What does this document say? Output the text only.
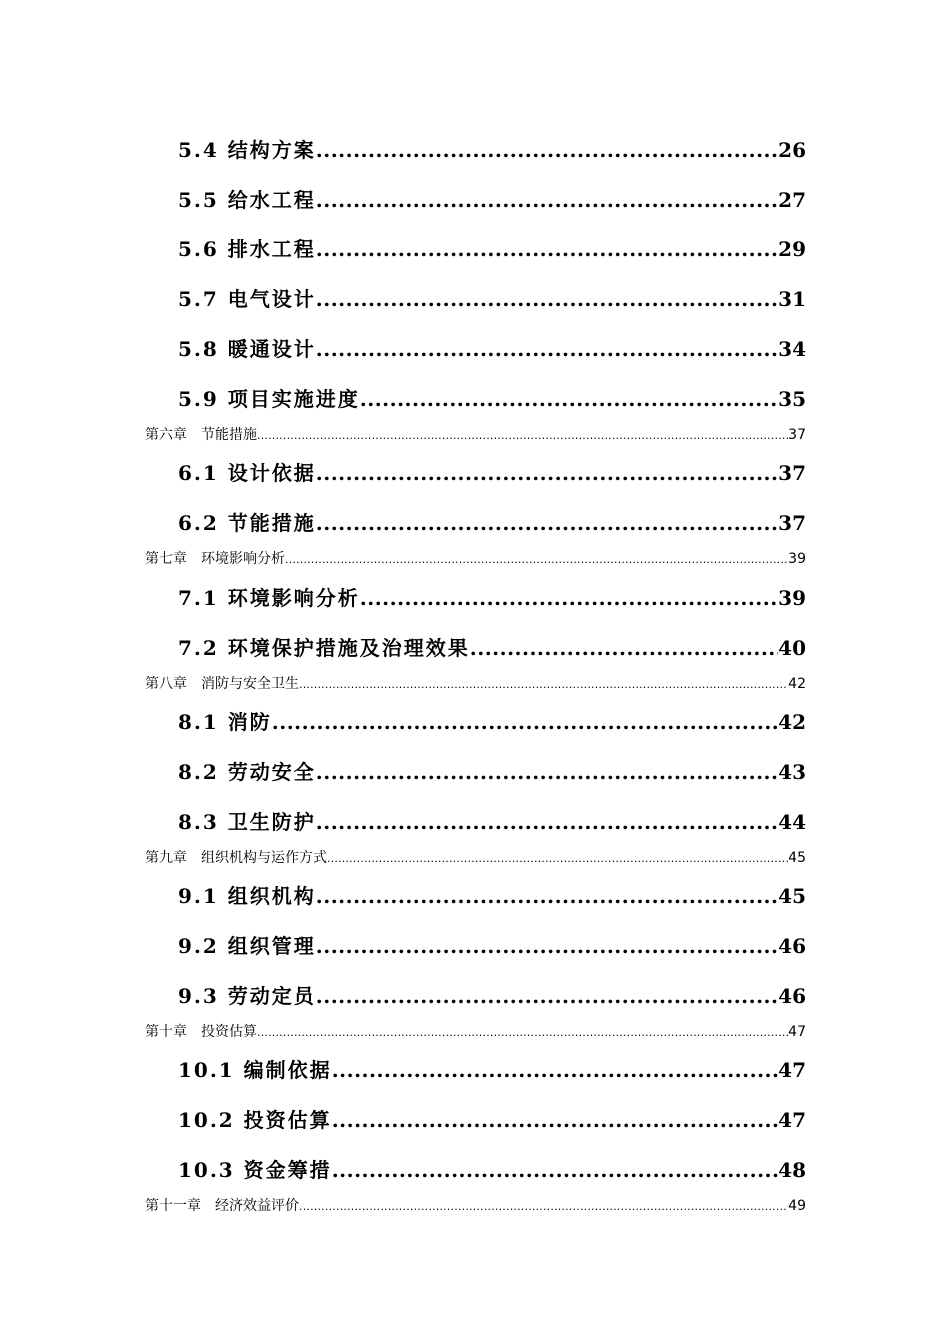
5.4 结构方案 .....	26
5.5 给水工程 .....	27
5.6 排水工程 .....	29
5.7 电气设计 .....	31
5.8 暖通设计 .....	34
5.9 项目实施进度 .....	35
第六章　节能措施 .....	37
6.1 设计依据 .....	37
6.2 节能措施 .....	37
第七章　环境影响分析 .....	39
7.1 环境影响分析 .....	39
7.2 环境保护措施及治理效果 .....	40
第八章　消防与安全卫生 .....	42
8.1 消防 .....	42
8.2 劳动安全 .....	43
8.3 卫生防护 .....	44
第九章　组织机构与运作方式 .....	45
9.1 组织机构 .....	45
9.2 组织管理 .....	46
9.3 劳动定员 .....	46
第十章　投资估算 .....	47
10.1 编制依据 .....	47
10.2 投资估算 .....	47
10.3 资金筹措 .....	48
第十一章　经济效益评价 .....	49
